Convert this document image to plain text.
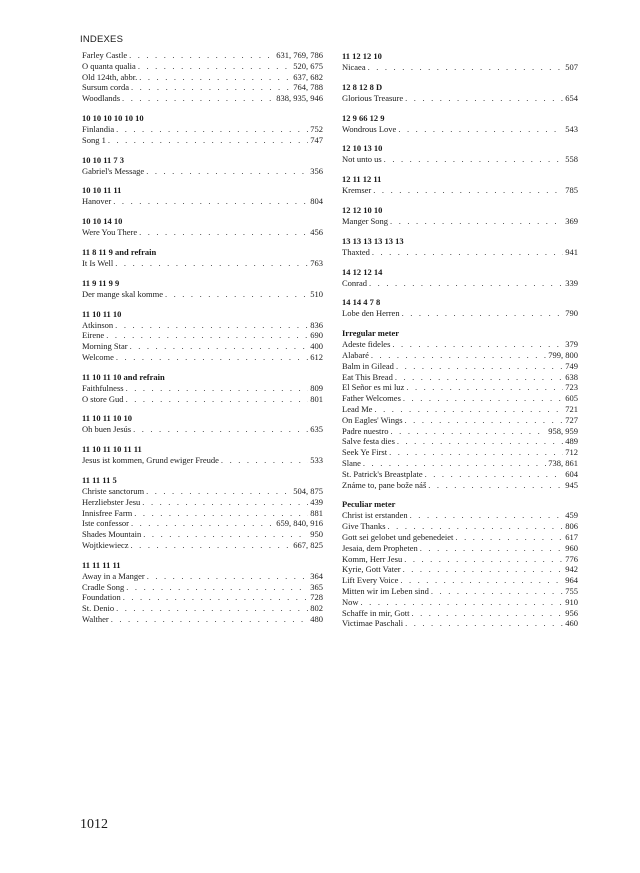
INDEXES
Farley Castle . . .	631, 769, 786
O quanta qualia . . .	520, 675
Old 124th, abbr. . . .	637, 682
Sursum corda . . .	764, 788
Woodlands . . .	838, 935, 946
10 10 10 10 10 10
Finlandia . . .	752
Song 1 . . .	747
10 10 11 7 3
Gabriel's Message . . .	356
10 10 11 11
Hanover . . .	804
10 10 14 10
Were You There . . .	456
11 8 11 9 and refrain
It Is Well . . .	763
11 9 11 9 9
Der mange skal komme . . .	510
11 10 11 10
Atkinson . . .	836
Eirene . . .	690
Morning Star . . .	400
Welcome . . .	612
11 10 11 10 and refrain
Faithfulness . . .	809
O store Gud . . .	801
11 10 11 10 10
Oh buen Jesús . . .	635
11 10 11 10 11 11
Jesus ist kommen, Grund ewiger Freude . . .	533
11 11 11 5
Christe sanctorum . . .	504, 875
Herzliebster Jesu . . .	439
Innisfree Farm . . .	881
Iste confessor . . .	659, 840, 916
Shades Mountain . . .	950
Wojtkiewiecz . . .	667, 825
11 11 11 11
Away in a Manger . . .	364
Cradle Song . . .	365
Foundation . . .	728
St. Denio . . .	802
Walther . . .	480
11 12 12 10
Nicaea . . .	507
12 8 12 8 D
Glorious Treasure . . .	654
12 9 66 12 9
Wondrous Love . . .	543
12 10 13 10
Not unto us . . .	558
12 11 12 11
Kremser . . .	785
12 12 10 10
Manger Song . . .	369
13 13 13 13 13 13
Thaxted . . .	941
14 12 12 14
Conrad . . .	339
14 14 4 7 8
Lobe den Herren . . .	790
Irregular meter
Adeste fideles . . .	379
Alabaré . . .	799, 800
Balm in Gilead . . .	749
Eat This Bread . . .	638
El Señor es mi luz . . .	723
Father Welcomes . . .	605
Lead Me . . .	721
On Eagles' Wings . . .	727
Padre nuestro . . .	958, 959
Salve festa dies . . .	489
Seek Ye First . . .	712
Slane . . .	738, 861
St. Patrick's Breastplate . . .	604
Známe to, pane bože náš . . .	945
Peculiar meter
Christ ist erstanden . . .	459
Give Thanks . . .	806
Gott sei gelobet und gebenedeiet . . .	617
Jesaia, dem Propheten . . .	960
Komm, Herr Jesu . . .	776
Kyrie, Gott Vater . . .	942
Lift Every Voice . . .	964
Mitten wir im Leben sind . . .	755
Now . . .	910
Schaffe in mir, Gott . . .	956
Victimae Paschali . . .	460
1012
